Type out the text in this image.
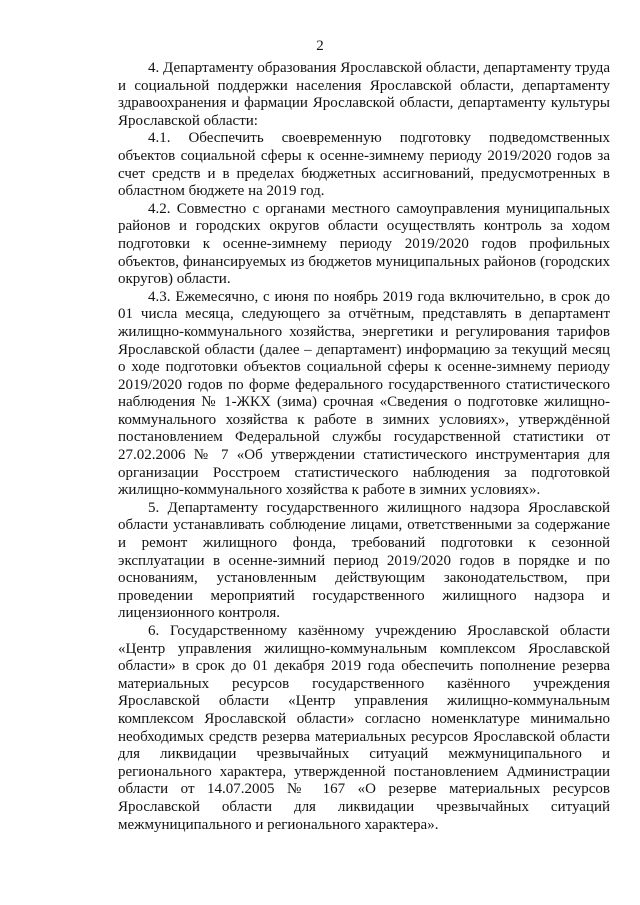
2

4. Департаменту образования Ярославской области, департаменту труда и социальной поддержки населения Ярославской области, департаменту здравоохранения и фармации Ярославской области, департаменту культуры Ярославской области:

4.1. Обеспечить своевременную подготовку подведомственных объектов социальной сферы к осенне-зимнему периоду 2019/2020 годов за счет средств и в пределах бюджетных ассигнований, предусмотренных в областном бюджете на 2019 год.

4.2. Совместно с органами местного самоуправления муниципальных районов и городских округов области осуществлять контроль за ходом подготовки к осенне-зимнему периоду 2019/2020 годов профильных объектов, финансируемых из бюджетов муниципальных районов (городских округов) области.

4.3. Ежемесячно, с июня по ноябрь 2019 года включительно, в срок до 01 числа месяца, следующего за отчётным, представлять в департамент жилищно-коммунального хозяйства, энергетики и регулирования тарифов Ярославской области (далее – департамент) информацию за текущий месяц о ходе подготовки объектов социальной сферы к осенне-зимнему периоду 2019/2020 годов по форме федерального государственного статистического наблюдения № 1-ЖКХ (зима) срочная «Сведения о подготовке жилищно-коммунального хозяйства к работе в зимних условиях», утверждённой постановлением Федеральной службы государственной статистики от 27.02.2006 № 7 «Об утверждении статистического инструментария для организации Росстроем статистического наблюдения за подготовкой жилищно-коммунального хозяйства к работе в зимних условиях».

5. Департаменту государственного жилищного надзора Ярославской области устанавливать соблюдение лицами, ответственными за содержание и ремонт жилищного фонда, требований подготовки к сезонной эксплуатации в осенне-зимний период 2019/2020 годов в порядке и по основаниям, установленным действующим законодательством, при проведении мероприятий государственного жилищного надзора и лицензионного контроля.

6. Государственному казённому учреждению Ярославской области «Центр управления жилищно-коммунальным комплексом Ярославской области» в срок до 01 декабря 2019 года обеспечить пополнение резерва материальных ресурсов государственного казённого учреждения Ярославской области «Центр управления жилищно-коммунальным комплексом Ярославской области» согласно номенклатуре минимально необходимых средств резерва материальных ресурсов Ярославской области для ликвидации чрезвычайных ситуаций межмуниципального и регионального характера, утвержденной постановлением Администрации области от 14.07.2005 № 167 «О резерве материальных ресурсов Ярославской области для ликвидации чрезвычайных ситуаций межмуниципального и регионального характера».
